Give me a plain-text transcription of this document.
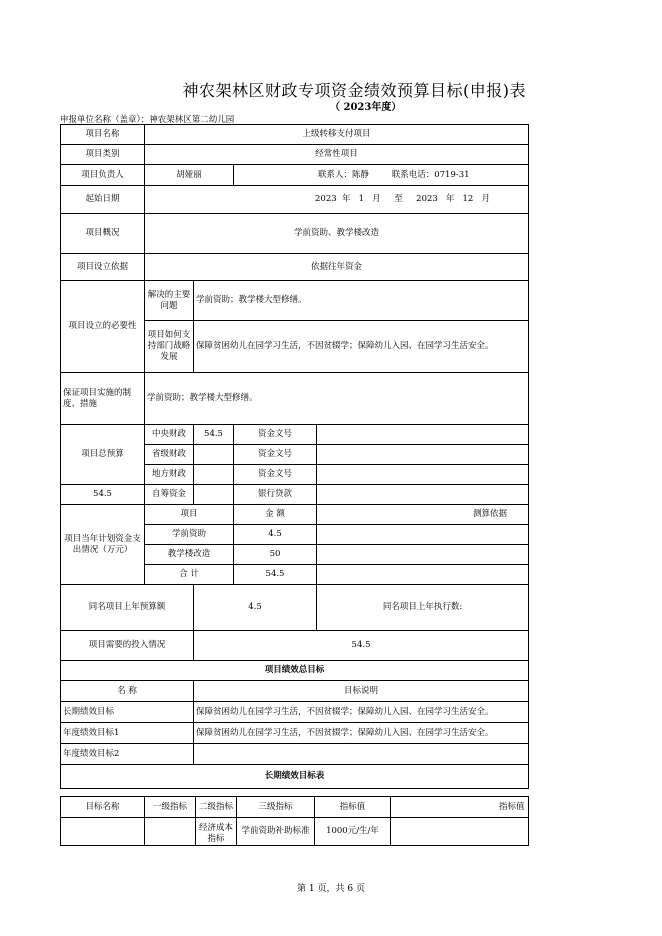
神农架林区财政专项资金绩效预算目标(申报)表
（ 2023年度）
申报单位名称（盖章）：神农架林区第二幼儿园
项目名称	上级转移支付项目			
项目类别	经常性项目			
项目负责人	胡娅丽		联系人：陈静 联系电话：0719-31	
起始日期	2023  年   1   月     至     2023   年   12   月			
项目概况	学前资助、教学楼改造			
项目设立依据	依据往年资金			
项目设立的必要性	解决的主要问题	学前资助；教学楼大型修缮。		
	项目如何支持部门战略发展	保障贫困幼儿在园学习生活，不因贫辍学；保障幼儿入园、在园学习生活安全。		
保证项目实施的制度、措施	学前资助；教学楼大型修缮。			
项目总预算	中央财政	54.5	资金文号	
	省级财政		资金文号	
	地方财政		资金文号	
54.5	自筹资金		银行贷款	
项目当年计划资金支出情况（万元）	项目		金 额	测算依据
	学前资助		4.5	
	教学楼改造		50	
	合 计		54.5	
同名项目上年预算额		4.5		同名项目上年执行数:
项目需要的投入情况		54.5		
项目绩效总目标				
名 称		目标说明		
长期绩效目标		保障贫困幼儿在园学习生活，不因贫辍学；保障幼儿入园、在园学习生活安全。		
年度绩效目标1		保障贫困幼儿在园学习生活，不因贫辍学；保障幼儿入园、在园学习生活安全。		
年度绩效目标2				
长期绩效目标表				
目标名称	一级指标	二级指标	三级指标	指标值	指标值
		经济成本指标	学前资助补助标准	1000元/生/年	
第 1 页，共 6 页
